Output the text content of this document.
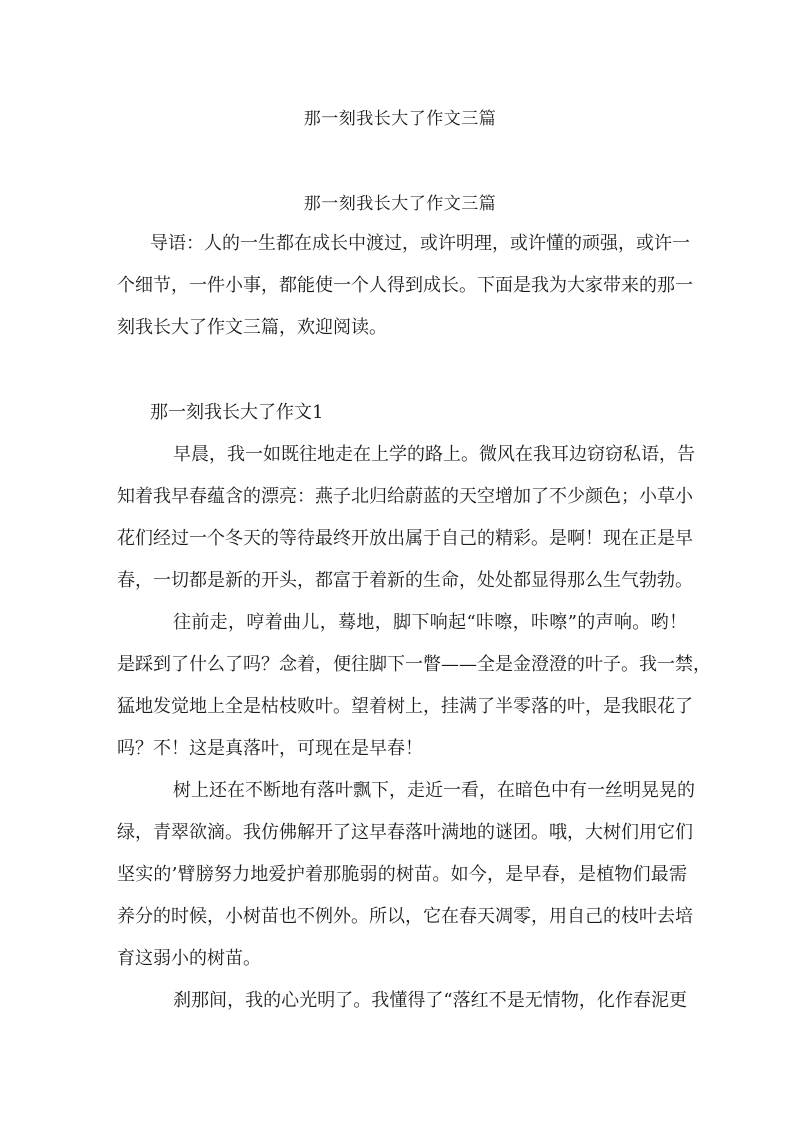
那一刻我长大了作文三篇
那一刻我长大了作文三篇
导语：人的一生都在成长中渡过，或许明理，或许懂的顽强，或许一
个细节，一件小事，都能使一个人得到成长。下面是我为大家带来的那一
刻我长大了作文三篇，欢迎阅读。
那一刻我长大了作文1
早晨，我一如既往地走在上学的路上。微风在我耳边窃窃私语，告
知着我早春蕴含的漂亮：燕子北归给蔚蓝的天空增加了不少颜色；小草小
花们经过一个冬天的等待最终开放出属于自己的精彩。是啊！现在正是早
春，一切都是新的开头，都富于着新的生命，处处都显得那么生气勃勃。
往前走，哼着曲儿，蓦地，脚下响起“咔嚓，咔嚓”的声响。哟！
是踩到了什么了吗？念着，便往脚下一瞥——全是金澄澄的叶子。我一禁，
猛地发觉地上全是枯枝败叶。望着树上，挂满了半零落的叶，是我眼花了
吗？不！这是真落叶，可现在是早春！
树上还在不断地有落叶飘下，走近一看，在暗色中有一丝明晃晃的
绿，青翠欲滴。我仿佛解开了这早春落叶满地的谜团。哦，大树们用它们
坚实的’臂膀努力地爱护着那脆弱的树苗。如今，是早春，是植物们最需
养分的时候，小树苗也不例外。所以，它在春天凋零，用自己的枝叶去培
育这弱小的树苗。
刹那间，我的心光明了。我懂得了“落红不是无情物，化作春泥更
